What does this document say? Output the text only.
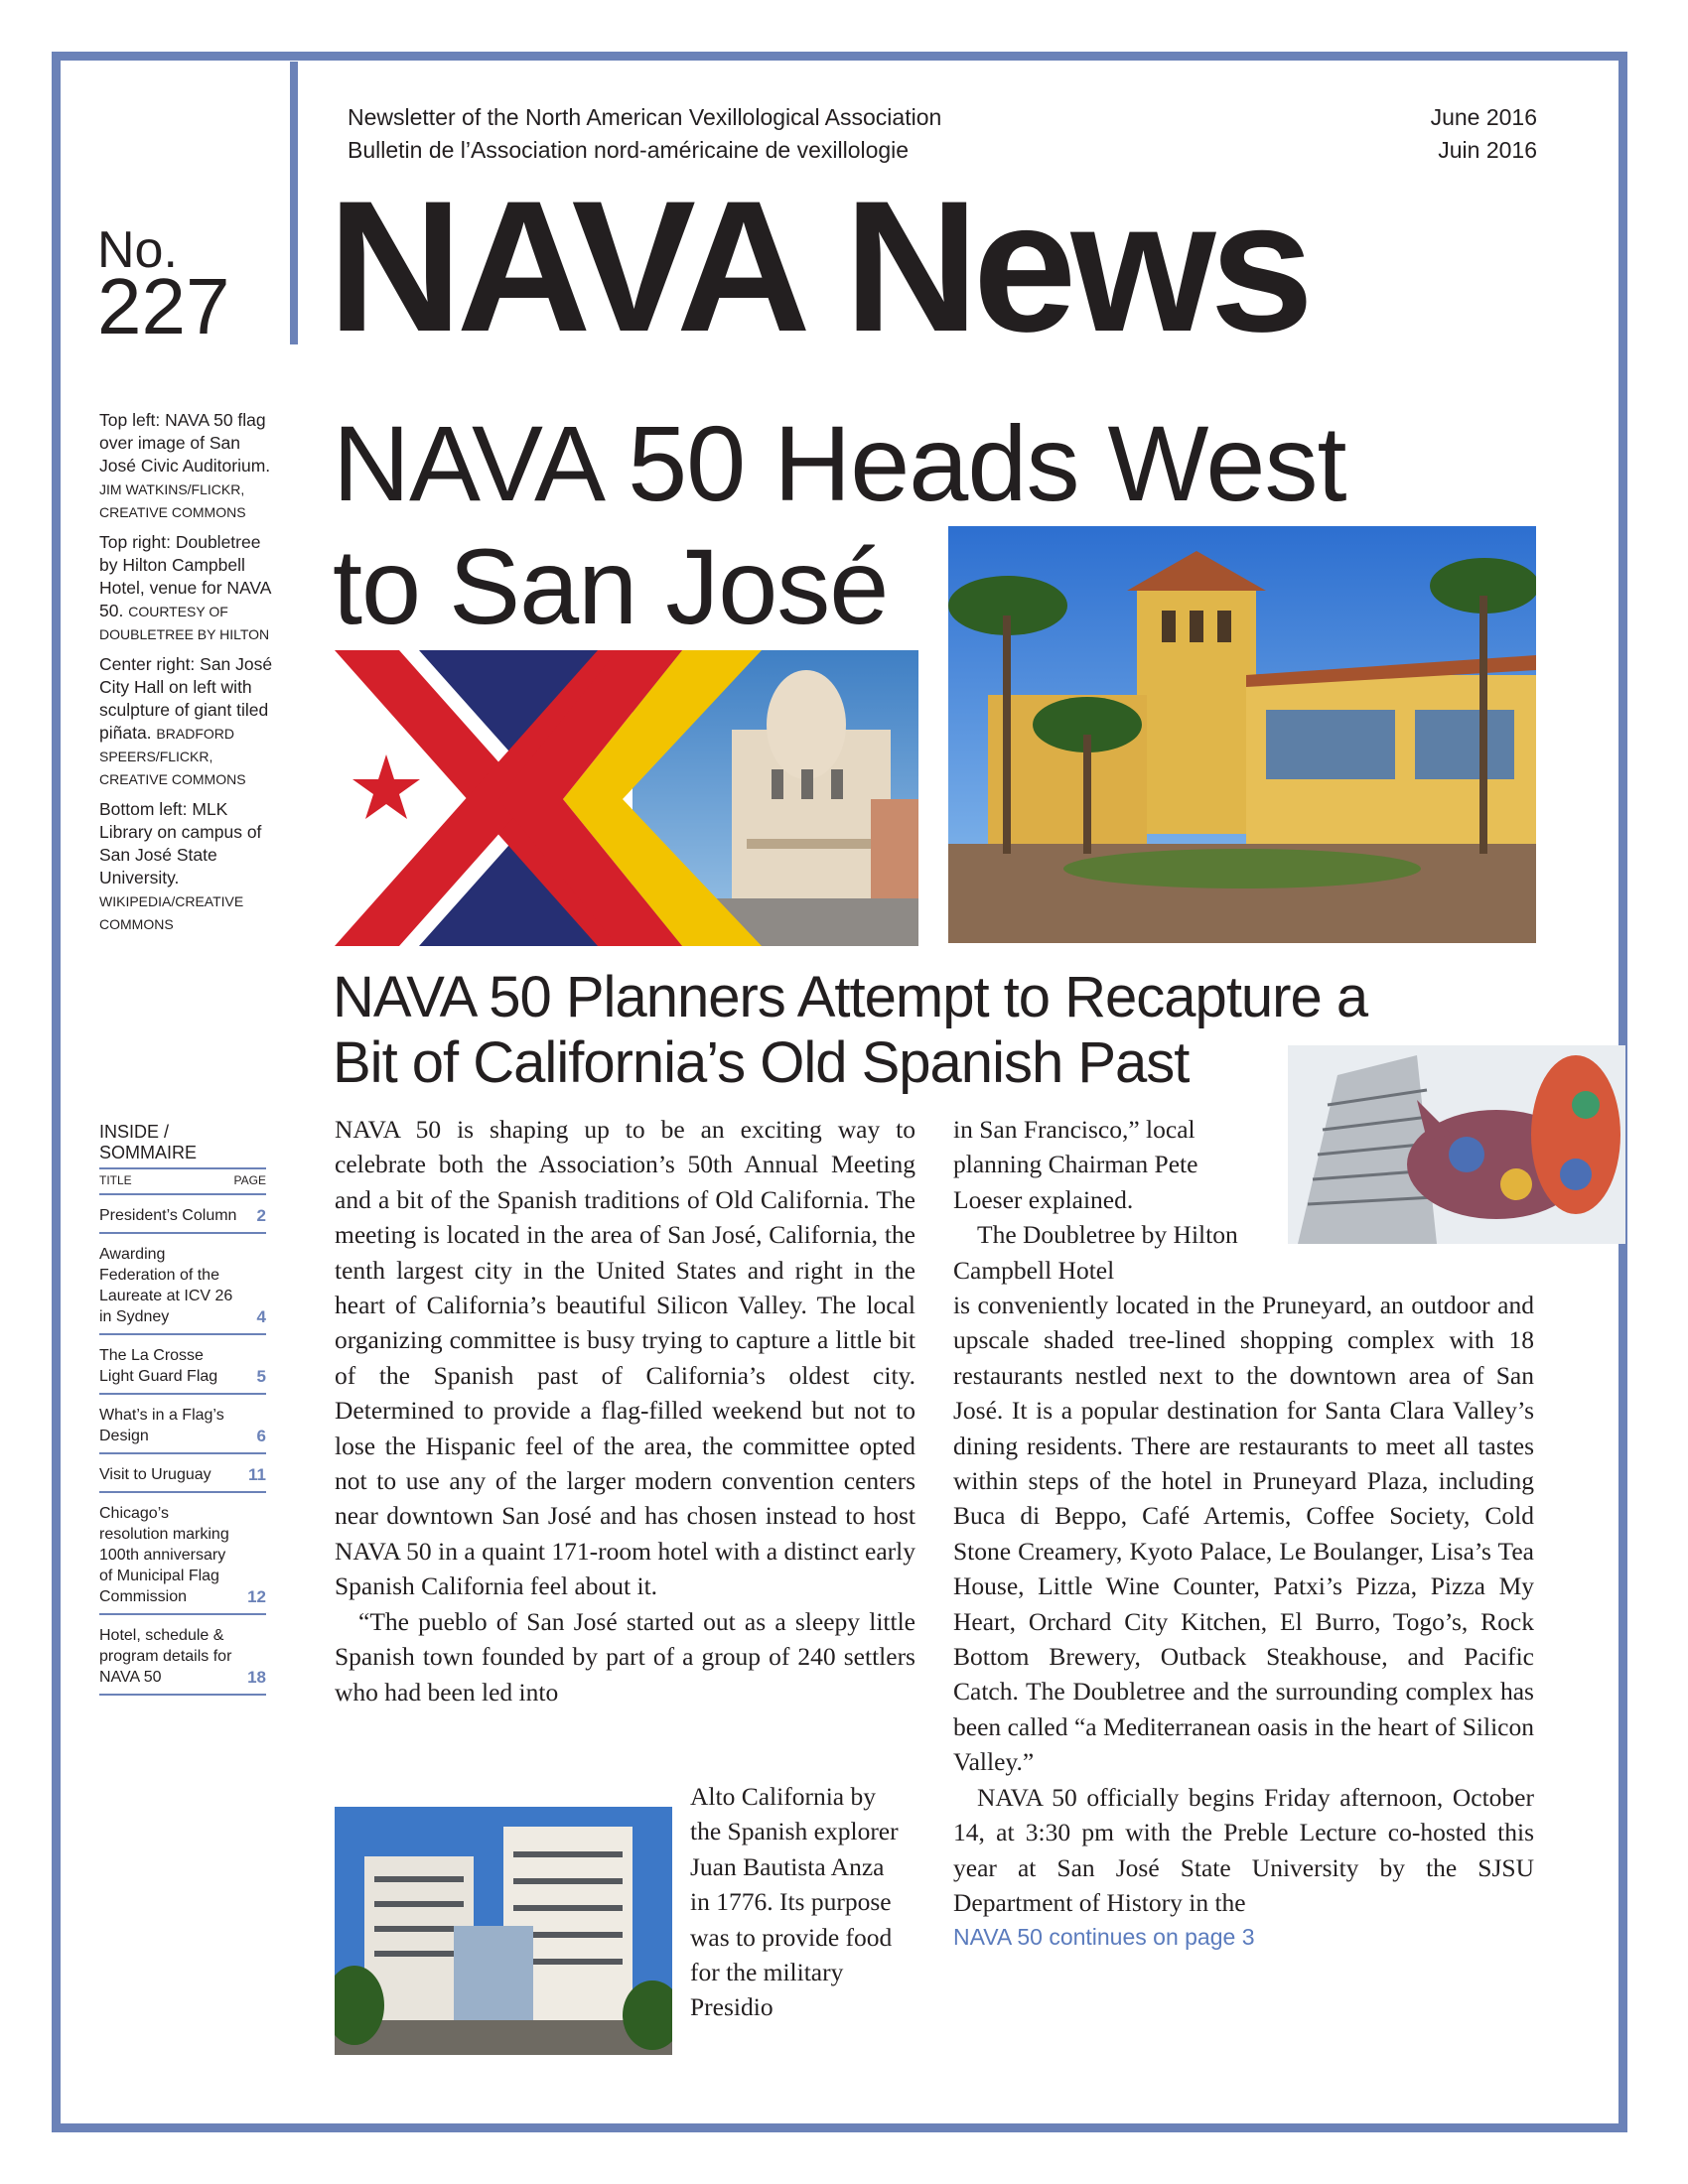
Newsletter of the North American Vexillological Association
Bulletin de l’Association nord-américaine de vexillologie
June 2016
Juin 2016
No.
227 NAVA News
NAVA 50 Heads West
to San José

Top left: NAVA 50 flag over image of San José Civic Auditorium. JIM WATKINS/FLICKR, CREATIVE COMMONS

Top right: Doubletree by Hilton Campbell Hotel, venue for NAVA 50. COURTESY OF DOUBLETREE BY HILTON

Center right: San José City Hall on left with sculpture of giant tiled piñata. BRADFORD SPEERS/FLICKR, CREATIVE COMMONS

Bottom left: MLK Library on campus of San José State University. WIKIPEDIA/CREATIVE COMMONS

INSIDE / SOMMAIRE
TITLE	PAGE
President’s Column 2
Awarding Federation of the Laureate at ICV 26 in Sydney	4
The La Crosse Light Guard Flag	5
What’s in a Flag’s Design	6
Visit to Uruguay	11
Chicago’s resolution marking 100th anniversary of Municipal Flag Commission	12
Hotel, schedule & program details for NAVA 50	18
NAVA 50 Planners Attempt to Recapture a
Bit of California’s Old Spanish Past

NAVA 50 is shaping up to be an exciting way to celebrate both the Association’s 50th Annual Meeting and a bit of the Spanish traditions of Old California. The meeting is located in the area of San José, California, the tenth largest city in the United States and right in the heart of California’s beautiful Silicon Valley. The local organizing committee is busy trying to capture a little bit of the Spanish past of California’s oldest city. Determined to provide a flag-filled weekend but not to lose the Hispanic feel of the area, the committee opted not to use any of the larger modern convention centers near downtown San José and has chosen instead to host NAVA 50 in a quaint 171-room hotel with a distinct early Spanish California feel about it.

“The pueblo of San José started out as a sleepy little Spanish town founded by part of a group of 240 settlers who had been led into

Alto California by the Spanish explorer Juan Bautista Anza in 1776. Its purpose was to provide food for the military Presidio

in San Francisco,” local planning Chairman Pete Loeser explained.

The Doubletree by Hilton Campbell Hotel

is conveniently located in the Pruneyard, an outdoor and upscale shaded tree-lined shopping complex with 18 restaurants nestled next to the downtown area of San José. It is a popular destination for Santa Clara Valley’s dining residents. There are restaurants to meet all tastes within steps of the hotel in Pruneyard Plaza, including Buca di Beppo, Café Artemis, Coffee Society, Cold Stone Creamery, Kyoto Palace, Le Boulanger, Lisa’s Tea House, Little Wine Counter, Patxi’s Pizza, Pizza My Heart, Orchard City Kitchen, El Burro, Togo’s, Rock Bottom Brewery, Outback Steakhouse, and Pacific Catch. The Doubletree and the surrounding complex has been called “a Mediterranean oasis in the heart of Silicon Valley.”

NAVA 50 officially begins Friday afternoon, October 14, at 3:30 pm with the Preble Lecture co-hosted this year at San José State University by the SJSU Department of History in the

NAVA 50 continues on page 3
